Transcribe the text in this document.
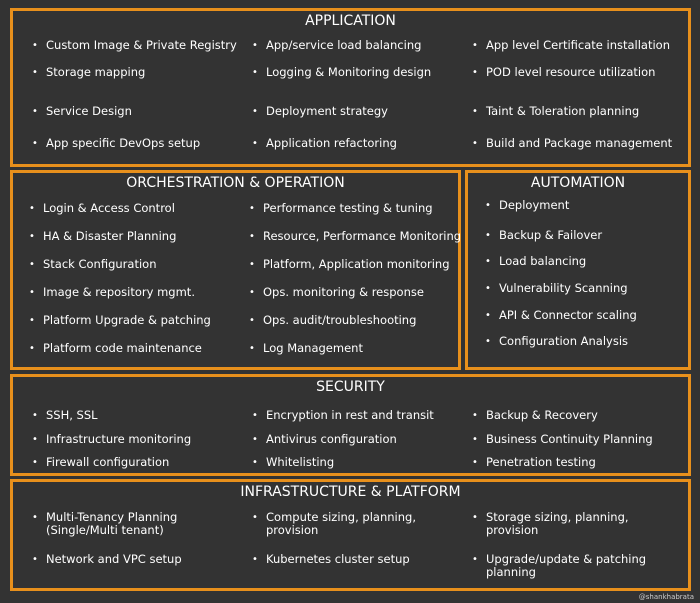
APPLICATION
ORCHESTRATION & OPERATION	AUTOMATION
SECURITY
INFRASTRUCTURE & PLATFORM
• Custom Image & Private Registry	• App/service load balancing	• App level Certificate installation
• Storage mapping	• Logging & Monitoring design	• POD level resource utilization
• Service Design	• Deployment strategy	• Taint & Toleration planning
• App specific DevOps setup	• Application refactoring	• Build and Package management
• Login & Access Control	• Performance testing & tuning
• HA & Disaster Planning	• Resource, Performance Monitoring
• Stack Configuration	• Platform, Application monitoring
• Image & repository mgmt.	• Ops. monitoring & response
• Platform Upgrade & patching	• Ops. audit/troubleshooting
• Platform code maintenance	• Log Management
• Deployment
• Backup & Failover
• Load balancing
• Vulnerability Scanning
• API & Connector scaling
• Configuration Analysis
• SSH, SSL	• Encryption in rest and transit	• Backup & Recovery
• Infrastructure monitoring	• Antivirus configuration	• Business Continuity Planning
• Firewall configuration	• Whitelisting	• Penetration testing
• Multi-Tenancy Planning
(Single/Multi tenant)
• Compute sizing, planning,
provision
• Storage sizing, planning,
provision
• Network and VPC setup	• Kubernetes cluster setup	• Upgrade/update & patching
planning
@shankhabrata
